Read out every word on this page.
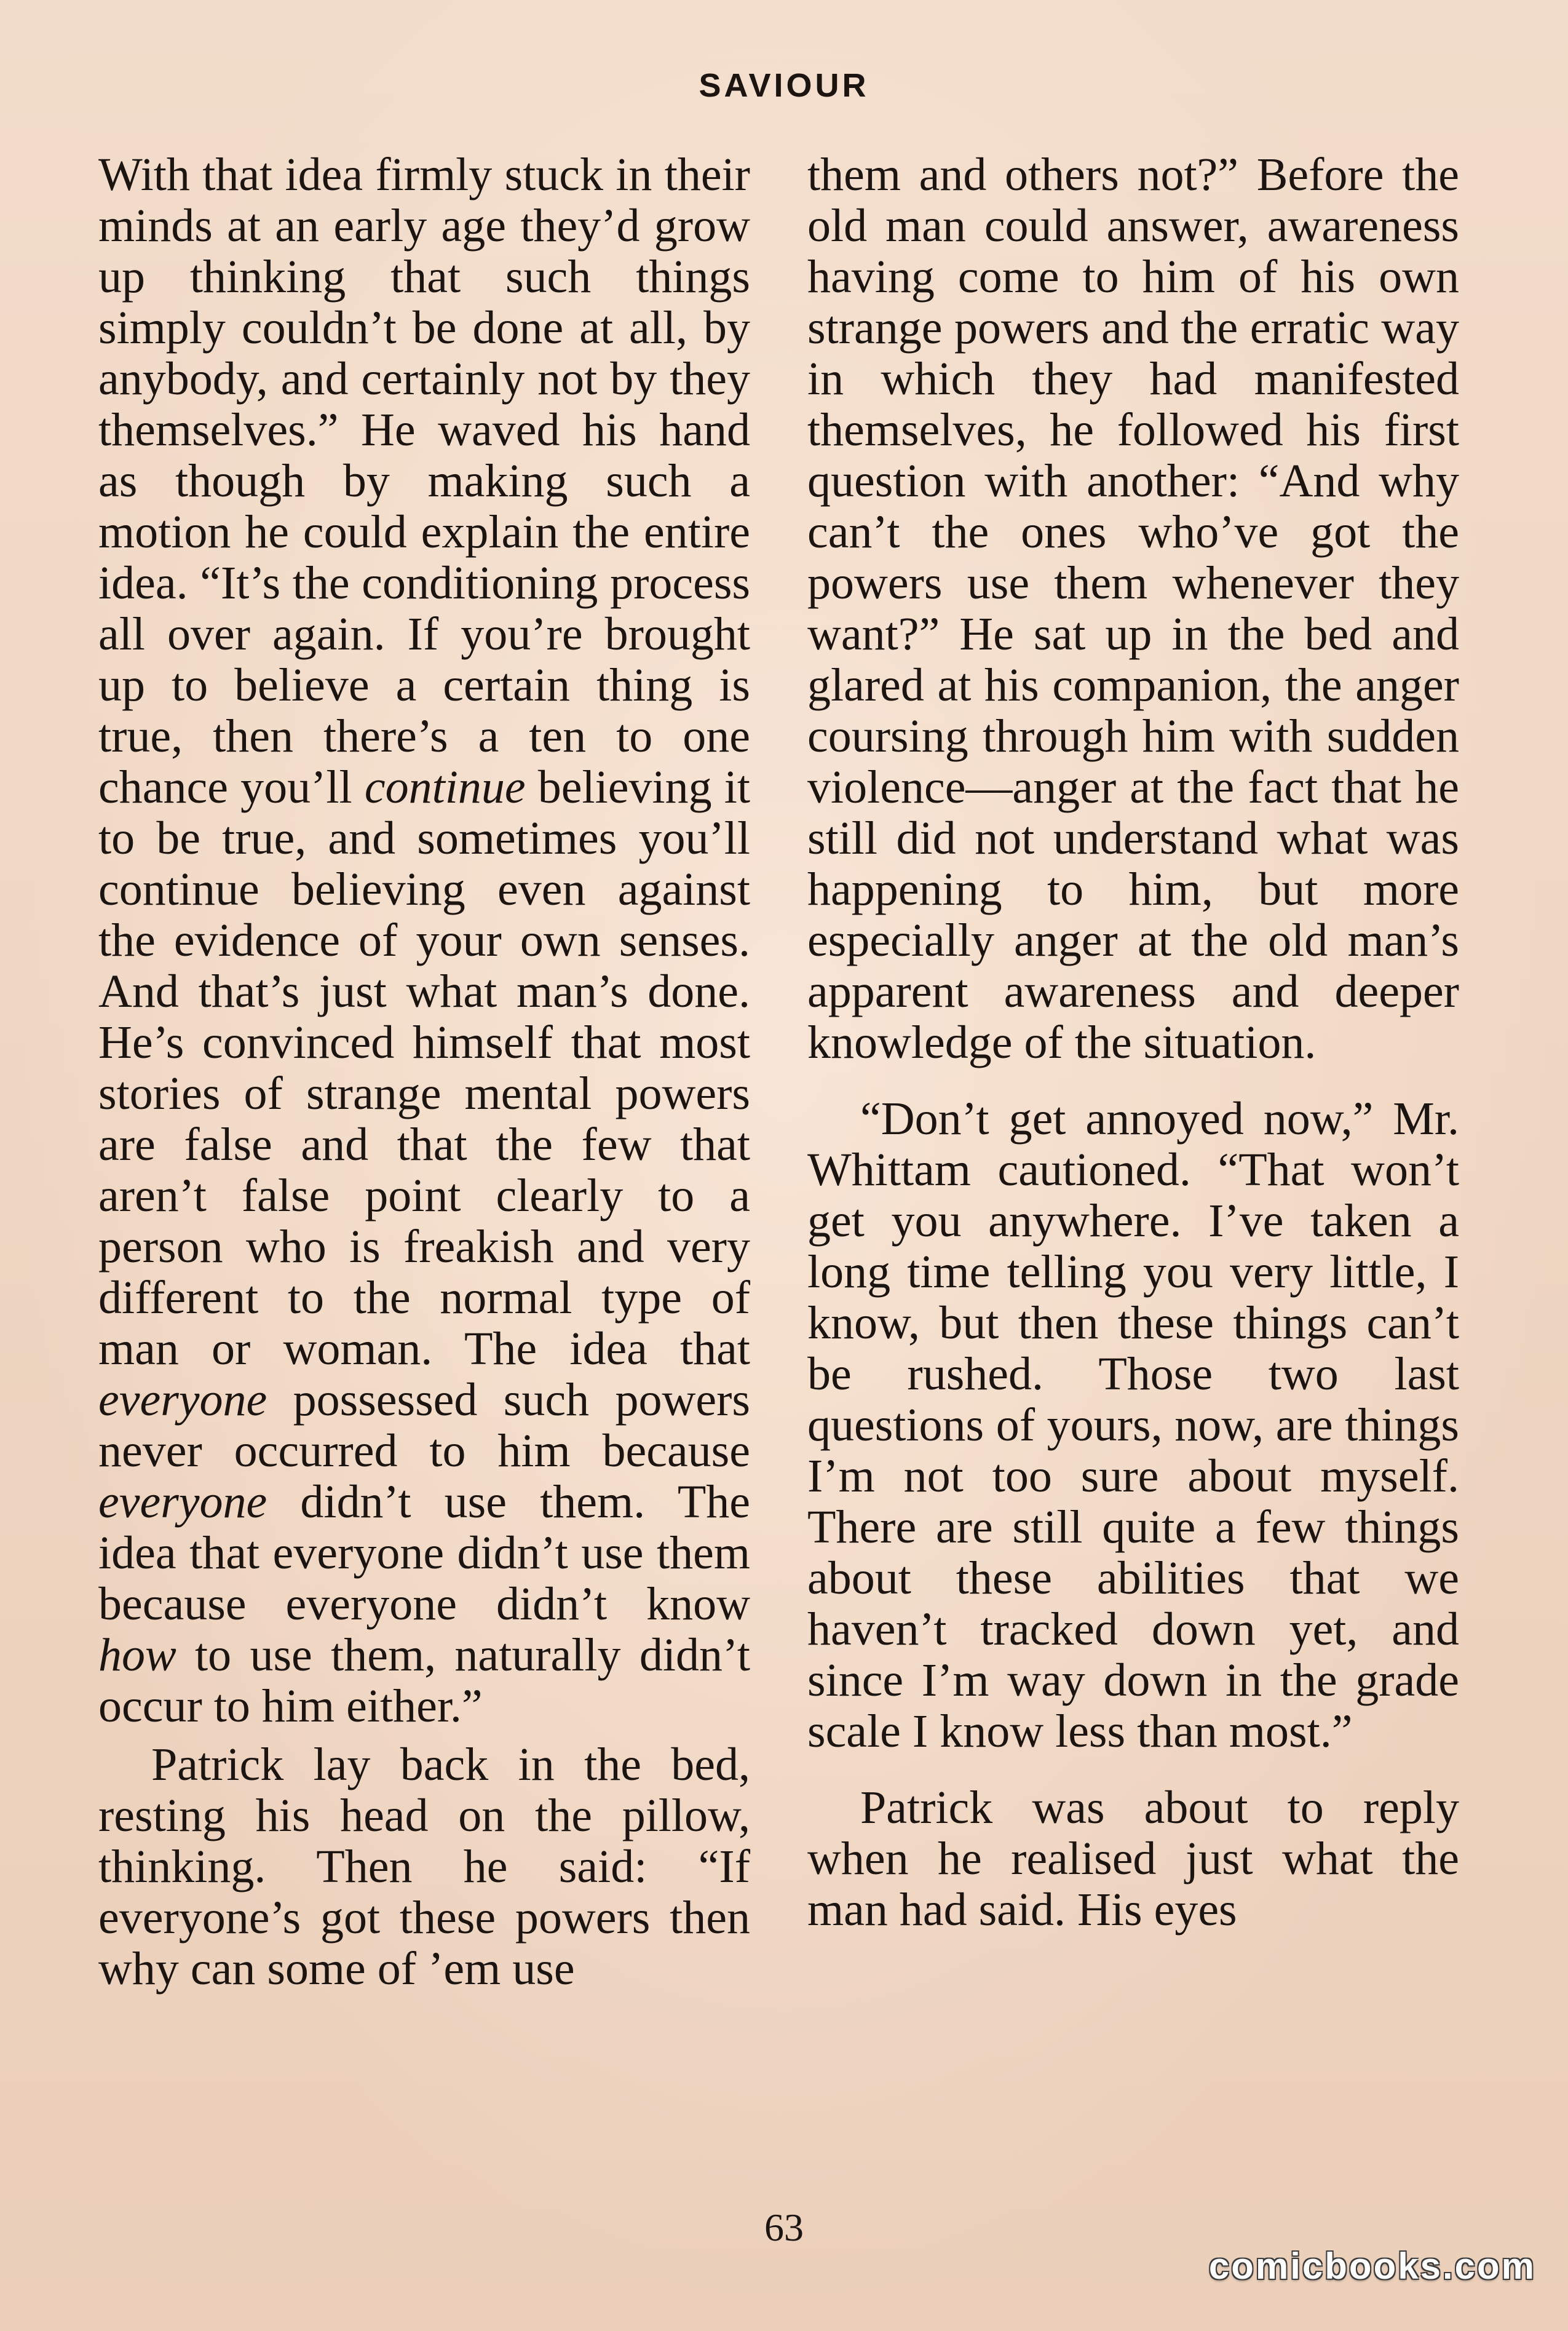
SAVIOUR

With that idea firmly stuck in their minds at an early age they’d grow up thinking that such things simply couldn’t be done at all, by anybody, and certainly not by they themselves.” He waved his hand as though by making such a motion he could explain the entire idea. “It’s the conditioning process all over again. If you’re brought up to believe a certain thing is true, then there’s a ten to one chance you’ll continue believing it to be true, and sometimes you’ll continue believing even against the evidence of your own senses. And that’s just what man’s done. He’s convinced himself that most stories of strange mental powers are false and that the few that aren’t false point clearly to a person who is freakish and very different to the normal type of man or woman. The idea that everyone possessed such powers never occurred to him because everyone didn’t use them. The idea that everyone didn’t use them because everyone didn’t know how to use them, naturally didn’t occur to him either.”

Patrick lay back in the bed, resting his head on the pillow, thinking. Then he said: “If everyone’s got these powers then why can some of ’em use

them and others not?” Before the old man could answer, awareness having come to him of his own strange powers and the erratic way in which they had manifested themselves, he followed his first question with another: “And why can’t the ones who’ve got the powers use them whenever they want?” He sat up in the bed and glared at his companion, the anger coursing through him with sudden violence—anger at the fact that he still did not understand what was happening to him, but more especially anger at the old man’s apparent awareness and deeper knowledge of the situation.

“Don’t get annoyed now,” Mr. Whittam cautioned. “That won’t get you anywhere. I’ve taken a long time telling you very little, I know, but then these things can’t be rushed. Those two last questions of yours, now, are things I’m not too sure about myself. There are still quite a few things about these abilities that we haven’t tracked down yet, and since I’m way down in the grade scale I know less than most.”

Patrick was about to reply when he realised just what the man had said. His eyes

63
comicbooks.com
